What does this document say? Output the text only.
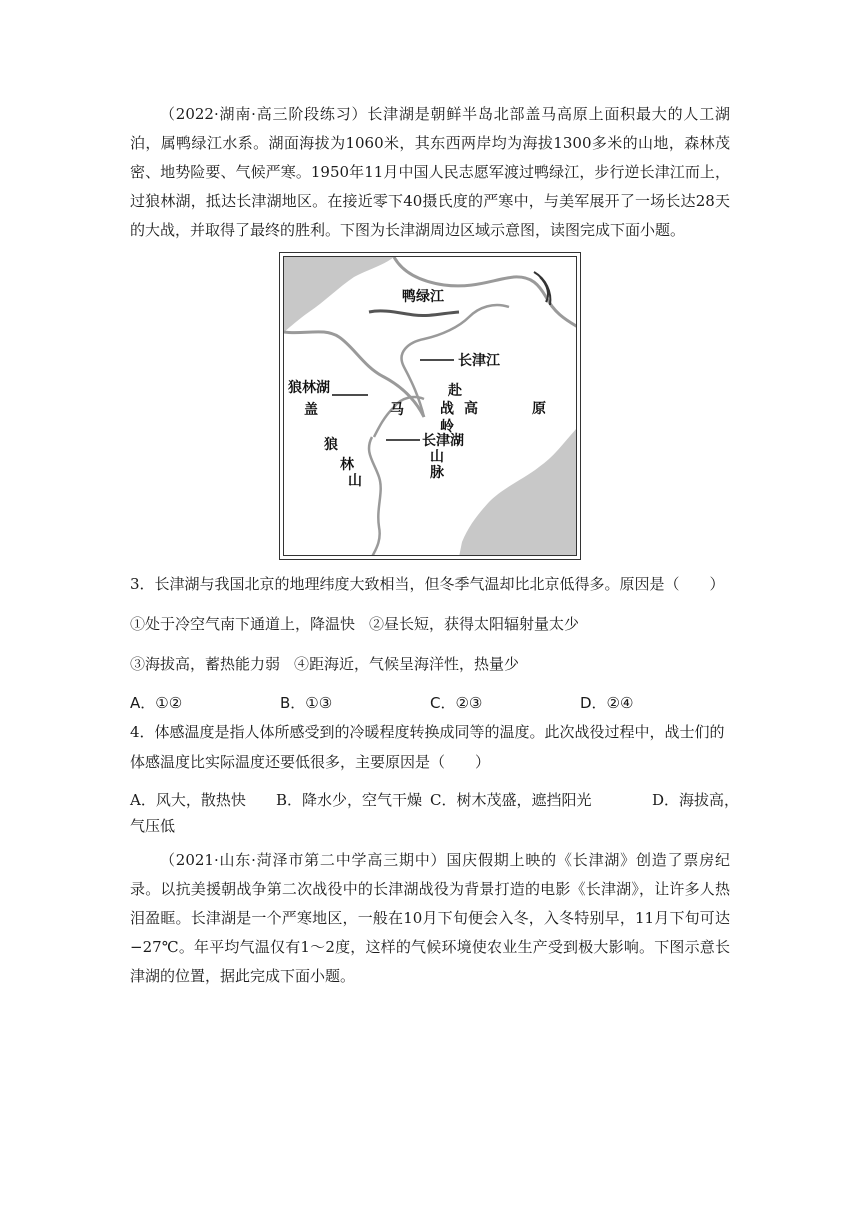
（2022·湖南·高三阶段练习）长津湖是朝鲜半岛北部盖马高原上面积最大的人工湖泊，属鸭绿江水系。湖面海拔为1060米，其东西两岸均为海拔1300多米的山地，森林茂密、地势险要、气候严寒。1950年11月中国人民志愿军渡过鸭绿江，步行逆长津江而上，过狼林湖，抵达长津湖地区。在接近零下40摄氏度的严寒中，与美军展开了一场长达28天的大战，并取得了最终的胜利。下图为长津湖周边区域示意图，读图完成下面小题。

鸭绿江
长津江
狼林湖
盖	马
赴
战 高	原
岭
长津湖
山
脉
狼
林
山

3．长津湖与我国北京的地理纬度大致相当，但冬季气温却比北京低得多。原因是（　　）

①处于冷空气南下通道上，降温快 ②昼长短，获得太阳辐射量太少

③海拔高，蓄热能力弱 ④距海近，气候呈海洋性，热量少

A．①②	B．①③	C．②③	D．②④

4．体感温度是指人体所感受到的冷暖程度转换成同等的温度。此次战役过程中，战士们的

体感温度比实际温度还要低很多，主要原因是（　　）

A．风大，散热快 B．降水少，空气干燥 C．树木茂盛，遮挡阳光	D．海拔高，
气压低

（2021·山东·菏泽市第二中学高三期中）国庆假期上映的《长津湖》创造了票房纪录。以抗美援朝战争第二次战役中的长津湖战役为背景打造的电影《长津湖》，让许多人热泪盈眶。长津湖是一个严寒地区，一般在10月下旬便会入冬，入冬特别早，11月下旬可达−27℃。年平均气温仅有1～2度，这样的气候环境使农业生产受到极大影响。下图示意长津湖的位置，据此完成下面小题。
